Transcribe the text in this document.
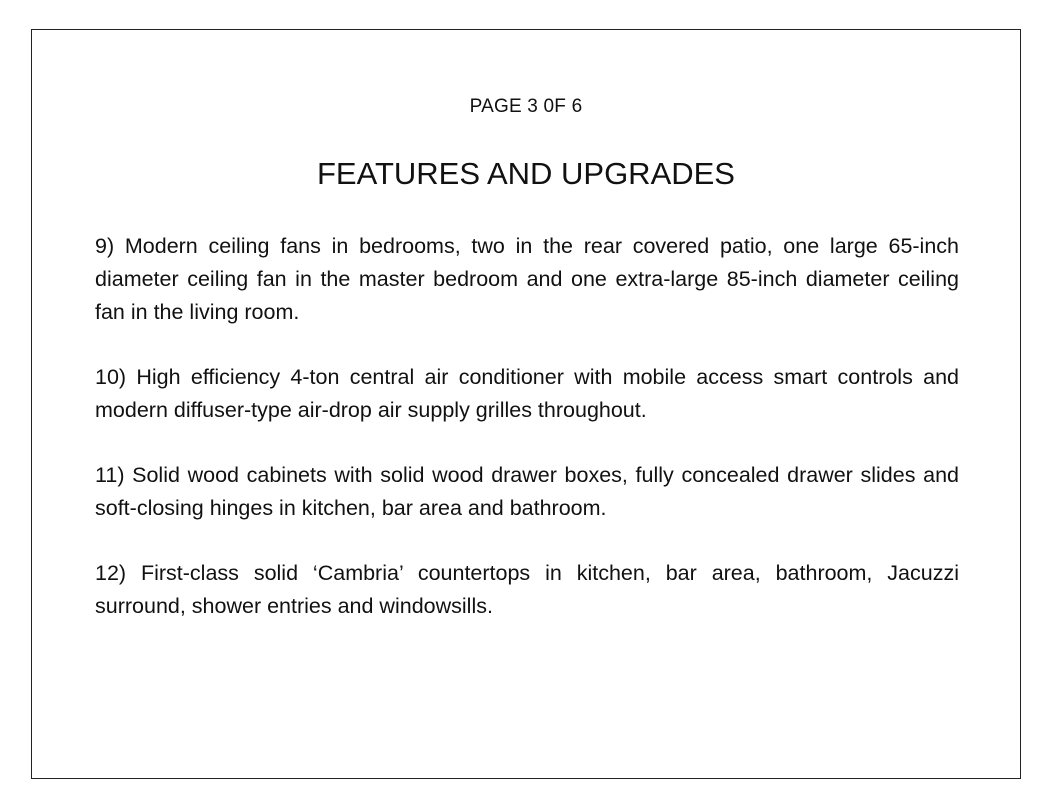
PAGE 3 0F 6
FEATURES AND UPGRADES

9) Modern ceiling fans in bedrooms, two in the rear covered patio, one large 65-inch diameter ceiling fan in the master bedroom and one extra-large 85-inch diameter ceiling fan in the living room.

10) High efficiency 4-ton central air conditioner with mobile access smart controls and modern diffuser-type air-drop air supply grilles throughout.

11) Solid wood cabinets with solid wood drawer boxes, fully concealed drawer slides and soft-closing hinges in kitchen, bar area and bathroom.

12) First-class solid ‘Cambria’ countertops in kitchen, bar area, bathroom, Jacuzzi surround, shower entries and windowsills.
